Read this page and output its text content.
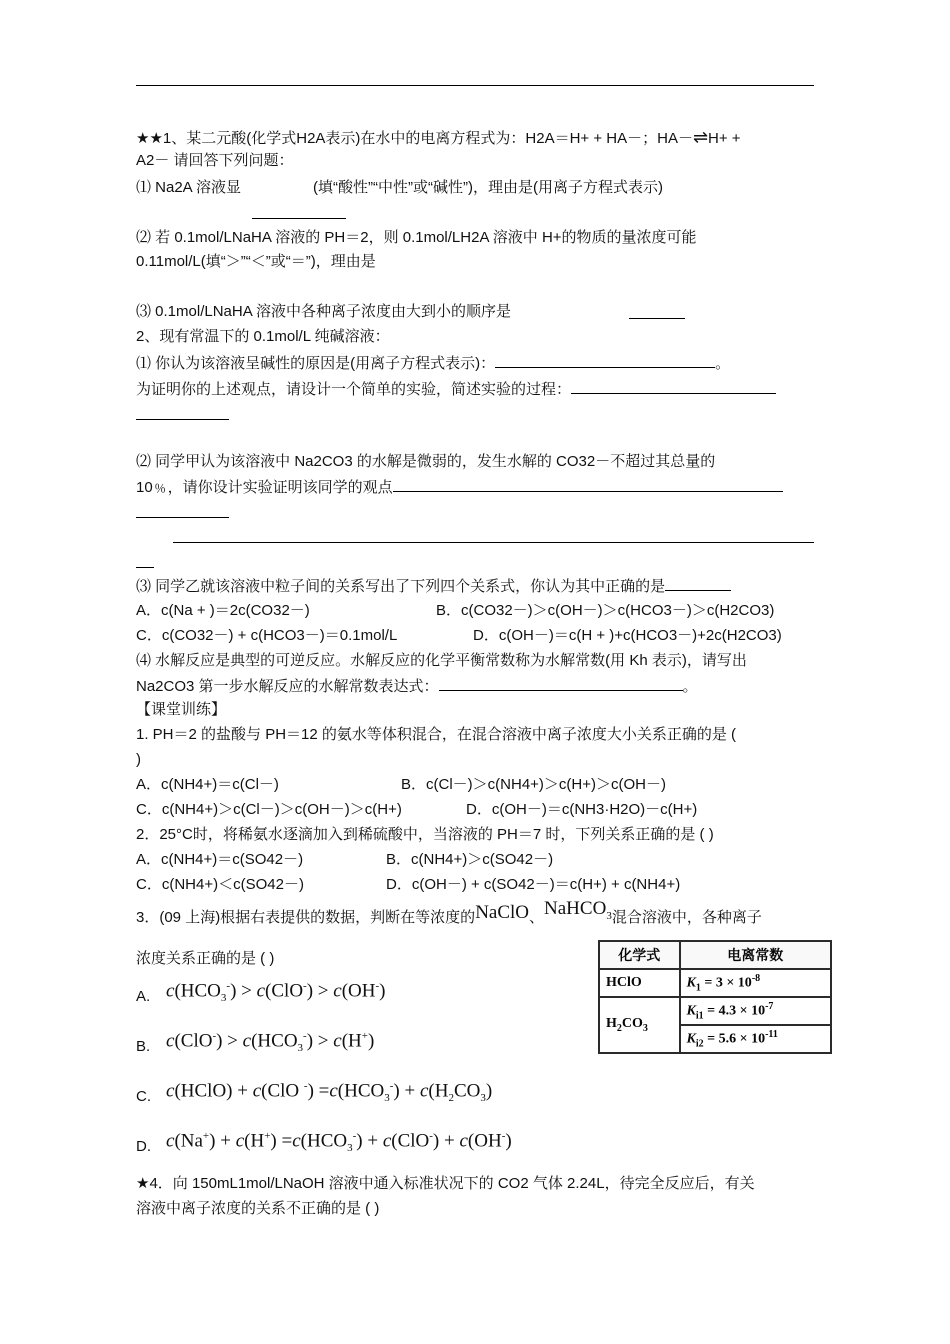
★★1、某二元酸(化学式H2A表示)在水中的电离方程式为：H2A＝H+ + HA－；HA－⇌H+ +
A2－ 请回答下列问题：
⑴ Na2A 溶液显	(填“酸性”“中性”或“碱性”)，理由是(用离子方程式表示)
⑵ 若 0.1mol/LNaHA 溶液的 PH＝2，则 0.1mol/LH2A 溶液中 H+的物质的量浓度可能
0.11mol/L(填“＞”“＜”或“＝”)，理由是
⑶ 0.1mol/LNaHA 溶液中各种离子浓度由大到小的顺序是
2、现有常温下的 0.1mol/L 纯碱溶液：
⑴ 你认为该溶液呈碱性的原因是(用离子方程式表示)：	。
为证明你的上述观点，请设计一个简单的实验，简述实验的过程：
⑵ 同学甲认为该溶液中 Na2CO3 的水解是微弱的，发生水解的 CO32－不超过其总量的
10﹪，请你设计实验证明该同学的观点
⑶ 同学乙就该溶液中粒子间的关系写出了下列四个关系式，你认为其中正确的是
A．c(Na + )＝2c(CO32－)	B．c(CO32－)＞c(OH－)＞c(HCO3－)＞c(H2CO3)
C．c(CO32－) + c(HCO3－)＝0.1mol/L	D．c(OH－)＝c(H + )+c(HCO3－)+2c(H2CO3)
⑷ 水解反应是典型的可逆反应。水解反应的化学平衡常数称为水解常数(用 Kh 表示)，请写出
Na2CO3 第一步水解反应的水解常数表达式：	。
【课堂训练】
1. PH＝2 的盐酸与 PH＝12 的氨水等体积混合，在混合溶液中离子浓度大小关系正确的是 (
)
A．c(NH4+)＝c(Cl－)	B．c(Cl－)＞c(NH4+)＞c(H+)＞c(OH－)
C．c(NH4+)＞c(Cl－)＞c(OH－)＞c(H+)	D．c(OH－)＝c(NH3·H2O)－c(H+)
2．25°C时，将稀氨水逐滴加入到稀硫酸中，当溶液的 PH＝7 时，下列关系正确的是 ( )
A．c(NH4+)＝c(SO42－)	B．c(NH4+)＞c(SO42－)
C．c(NH4+)＜c(SO42－)	D．c(OH－) + c(SO42－)＝c(H+) + c(NH4+)
3．(09 上海)根据右表提供的数据，判断在等浓度的NaClO、NaHCO$_3$混合溶液中，各种离子
浓度关系正确的是 ( )
A. $c(HCO_3^-) > c(ClO^-) > c(OH^-)$
B. $c(ClO^-) > c(HCO_3^-) > c(H^+)$
C. c(HClO) + c(ClO $^-) =c(HCO_3^-) + c(H_2CO_3)$
D. $c(Na^+) + c(H^+) =c(HCO_3^-) + c(ClO^-) + c(OH^-)$
化学式	电离常数
HClO	$K_1 = 3 \times 10^{-8}$
$H_2CO_3$	$K_{i1} = 4.3 \times 10^{-7}$
	$K_{i2} = 5.6 \times 10^{-11}$
★4．向 150mL1mol/LNaOH 溶液中通入标准状况下的 CO2 气体 2.24L，待完全反应后，有关
溶液中离子浓度的关系不正确的是 ( )
